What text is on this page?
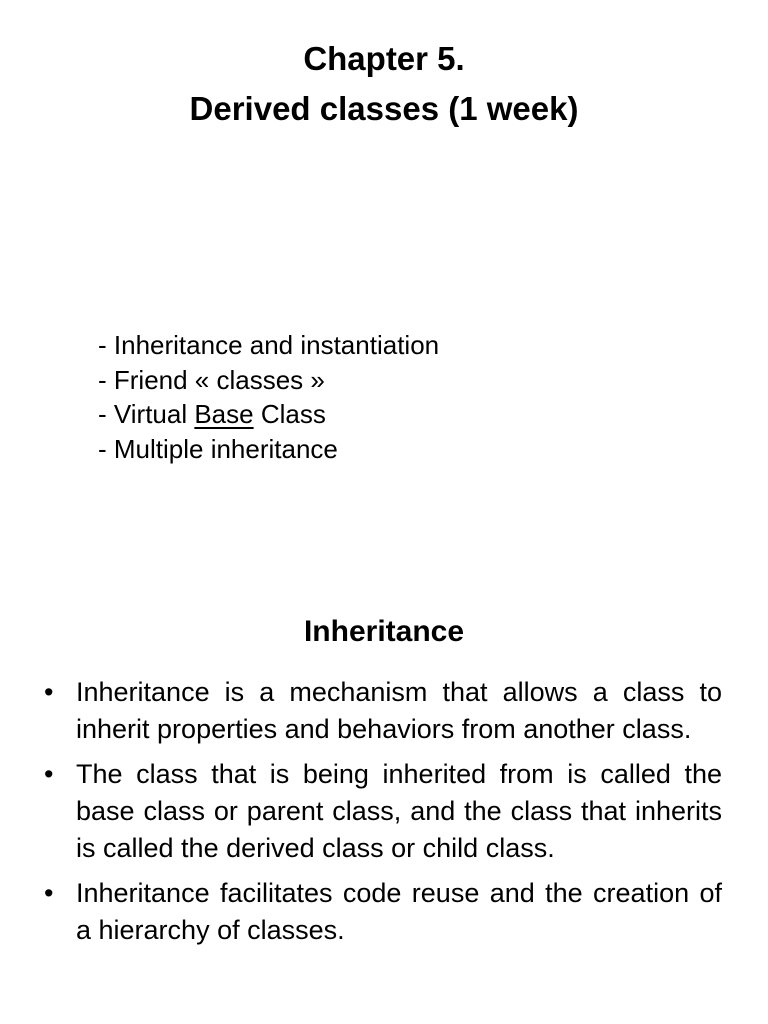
Chapter 5.
Derived classes (1 week)
- Inheritance and instantiation
- Friend « classes »
- Virtual Base Class
- Multiple inheritance
Inheritance
• Inheritance is a mechanism that allows a class to inherit properties and behaviors from another class.
• The class that is being inherited from is called the base class or parent class, and the class that inherits is called the derived class or child class.
• Inheritance facilitates code reuse and the creation of a hierarchy of classes.
